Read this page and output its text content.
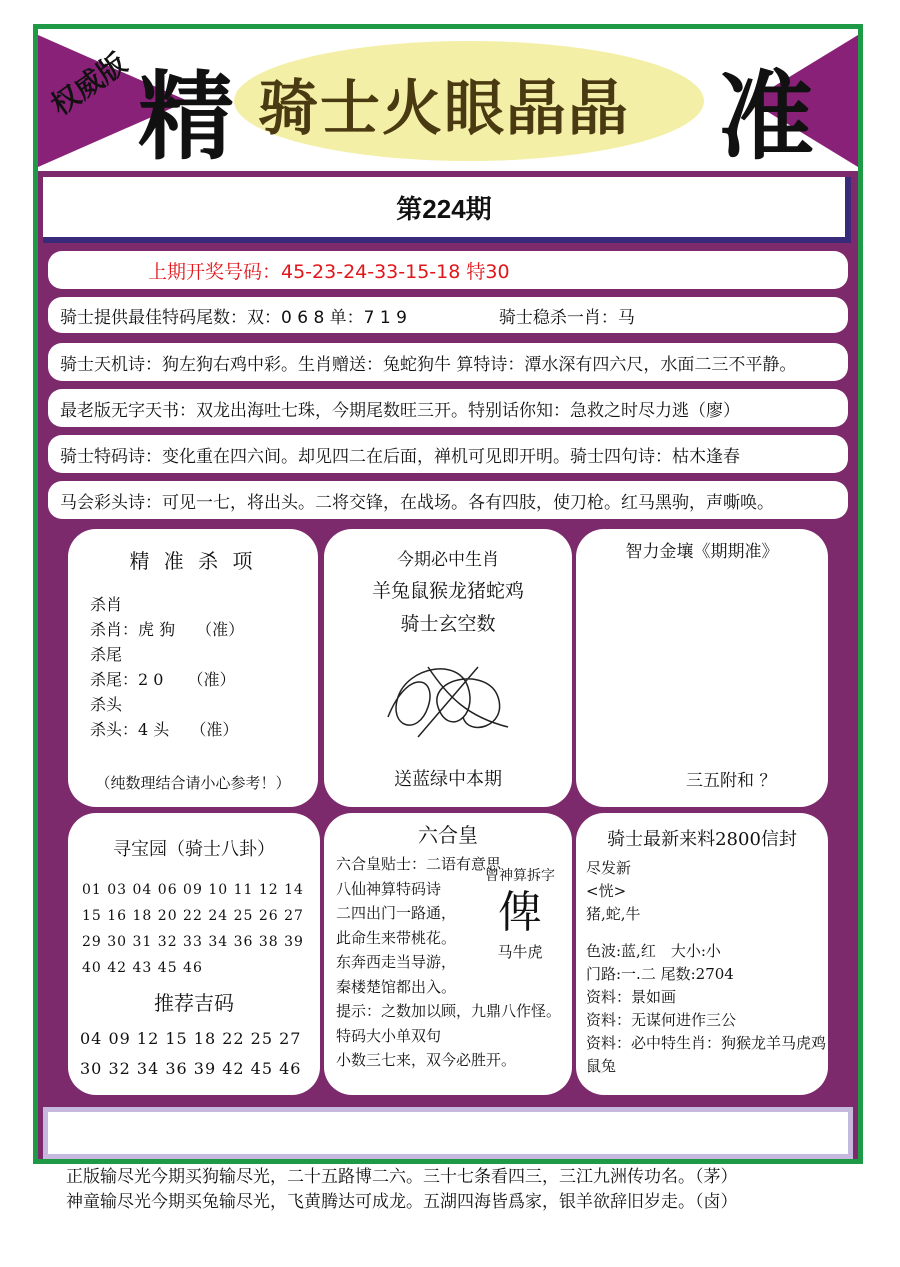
权威版 精 骑士火眼晶晶 准
第224期
上期开奖号码：45-23-24-33-15-18 特30
骑士提供最佳特码尾数：双：0 6 8 单：7 1 9	骑士稳杀一肖：马
骑士天机诗：狗左狗右鸡中彩。生肖赠送：兔蛇狗牛 算特诗：潭水深有四六尺，水面二三不平静。
最老版无字天书：双龙出海吐七珠，今期尾数旺三开。特别话你知：急救之时尽力逃（廖）
骑士特码诗：变化重在四六间。却见四二在后面，禅机可见即开明。骑士四句诗：枯木逢春
马会彩头诗：可见一七，将出头。二将交锋，在战场。各有四肢，使刀枪。红马黑驹，声嘶唤。
精 准 杀 项
杀肖
杀肖：虎 狗　 （准）
杀尾
杀尾：2 0　　（准）
杀头
杀头：4 头　 （准）
（纯数理结合请小心参考！）
今期必中生肖
羊兔鼠猴龙猪蛇鸡
骑士玄空数
送蓝绿中本期
智力金壤《期期准》
三五附和 ？
寻宝园（骑士八卦）
01 03 04 06 09 10 11 12 14
15 16 18 20 22 24 25 26 27
29 30 31 32 33 34 36 38 39
40 42 43 45 46
推荐吉码
04 09 12 15 18 22 25 27
30 32 34 36 39 42 45 46
六合皇
六合皇贴士：二语有意思
八仙神算特码诗
二四出门一路通，
此命生来带桃花。
东奔西走当导游，
秦楼楚馆都出入。
提示：之数加以顾，九鼎八作怪。
特码大小单双句
小数三七来，双今必胜开。
曾神算拆字
俾
马牛虎
骑士最新来料2800信封
尽发新
<恍>
猪,蛇,牛
色波:蓝,红　大小:小
门路:一.二 尾数:2704
资料：景如画
资料：无谋何进作三公
资料：必中特生肖：狗猴龙羊马虎鸡鼠兔
正版输尽光今期买狗输尽光，二十五路博二六。三十七条看四三，三江九洲传功名。（茅）
神童输尽光今期买兔输尽光，飞黄腾达可成龙。五湖四海皆爲家，银羊欲辞旧岁走。（卤）
